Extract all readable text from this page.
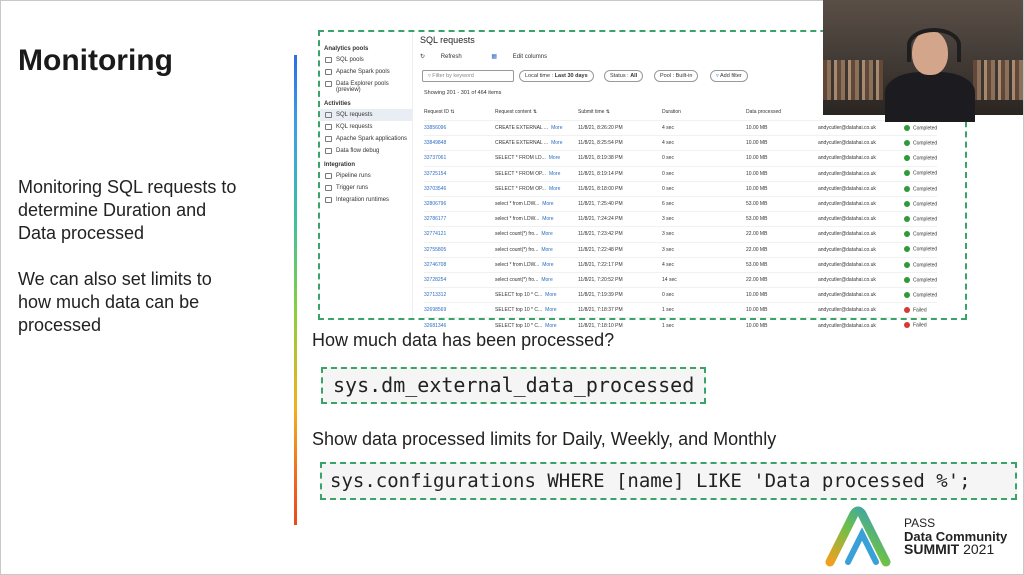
Monitoring
Monitoring SQL requests to
determine Duration and
Data processed
We can also set limits to
how much data can be
processed
Analytics pools
SQL pools
Apache Spark pools
Data Explorer pools (preview)
Activities
SQL requests
KQL requests
Apache Spark applications
Data flow debug
Integration
Pipeline runs
Trigger runs
Integration runtimes
SQL requests
↻ Refresh	▦ Edit columns
▿ Filter by keyword	Local time : Last 30 days	Status : All	Pool : Built-in	▿ Add filter
Showing 201 - 301 of 464 items
Request ID ⇅	Request content ⇅	Submit time ⇅	Duration	Data processed		
33856096	CREATE EXTERNAL ... More	11/8/21, 8:26:20 PM	4 sec	10.00 MB	andycutler@datahai.co.uk	Completed
33849848	CREATE EXTERNAL ... More	11/8/21, 8:25:54 PM	4 sec	10.00 MB	andycutler@datahai.co.uk	Completed
33737061	SELECT * FROM LD... More	11/8/21, 8:19:38 PM	0 sec	10.00 MB	andycutler@datahai.co.uk	Completed
33725154	SELECT * FROM OP... More	11/8/21, 8:19:14 PM	0 sec	10.00 MB	andycutler@datahai.co.uk	Completed
33703546	SELECT * FROM OP... More	11/8/21, 8:18:00 PM	0 sec	10.00 MB	andycutler@datahai.co.uk	Completed
32806796	select * from LDW... More	11/8/21, 7:25:40 PM	6 sec	53.00 MB	andycutler@datahai.co.uk	Completed
32786177	select * from LDW... More	11/8/21, 7:24:24 PM	3 sec	53.00 MB	andycutler@datahai.co.uk	Completed
32774121	select count(*) fro... More	11/8/21, 7:23:42 PM	3 sec	22.00 MB	andycutler@datahai.co.uk	Completed
32755805	select count(*) fro... More	11/8/21, 7:22:48 PM	3 sec	22.00 MB	andycutler@datahai.co.uk	Completed
32746708	select * from LDW... More	11/8/21, 7:22:17 PM	4 sec	53.00 MB	andycutler@datahai.co.uk	Completed
32728254	select count(*) fro... More	11/8/21, 7:20:52 PM	14 sec	22.00 MB	andycutler@datahai.co.uk	Completed
32713312	SELECT top 10 * C... More	11/8/21, 7:19:39 PM	0 sec	10.00 MB	andycutler@datahai.co.uk	Completed
32698569	SELECT top 10 * C... More	11/8/21, 7:18:37 PM	1 sec	10.00 MB	andycutler@datahai.co.uk	Failed
32681346	SELECT top 10 * C... More	11/8/21, 7:18:10 PM	1 sec	10.00 MB	andycutler@datahai.co.uk	Failed
How much data has been processed?
sys.dm_external_data_processed
Show data processed limits for Daily, Weekly, and Monthly
sys.configurations WHERE [name] LIKE 'Data processed %';
PASS
Data Community
SUMMIT 2021
